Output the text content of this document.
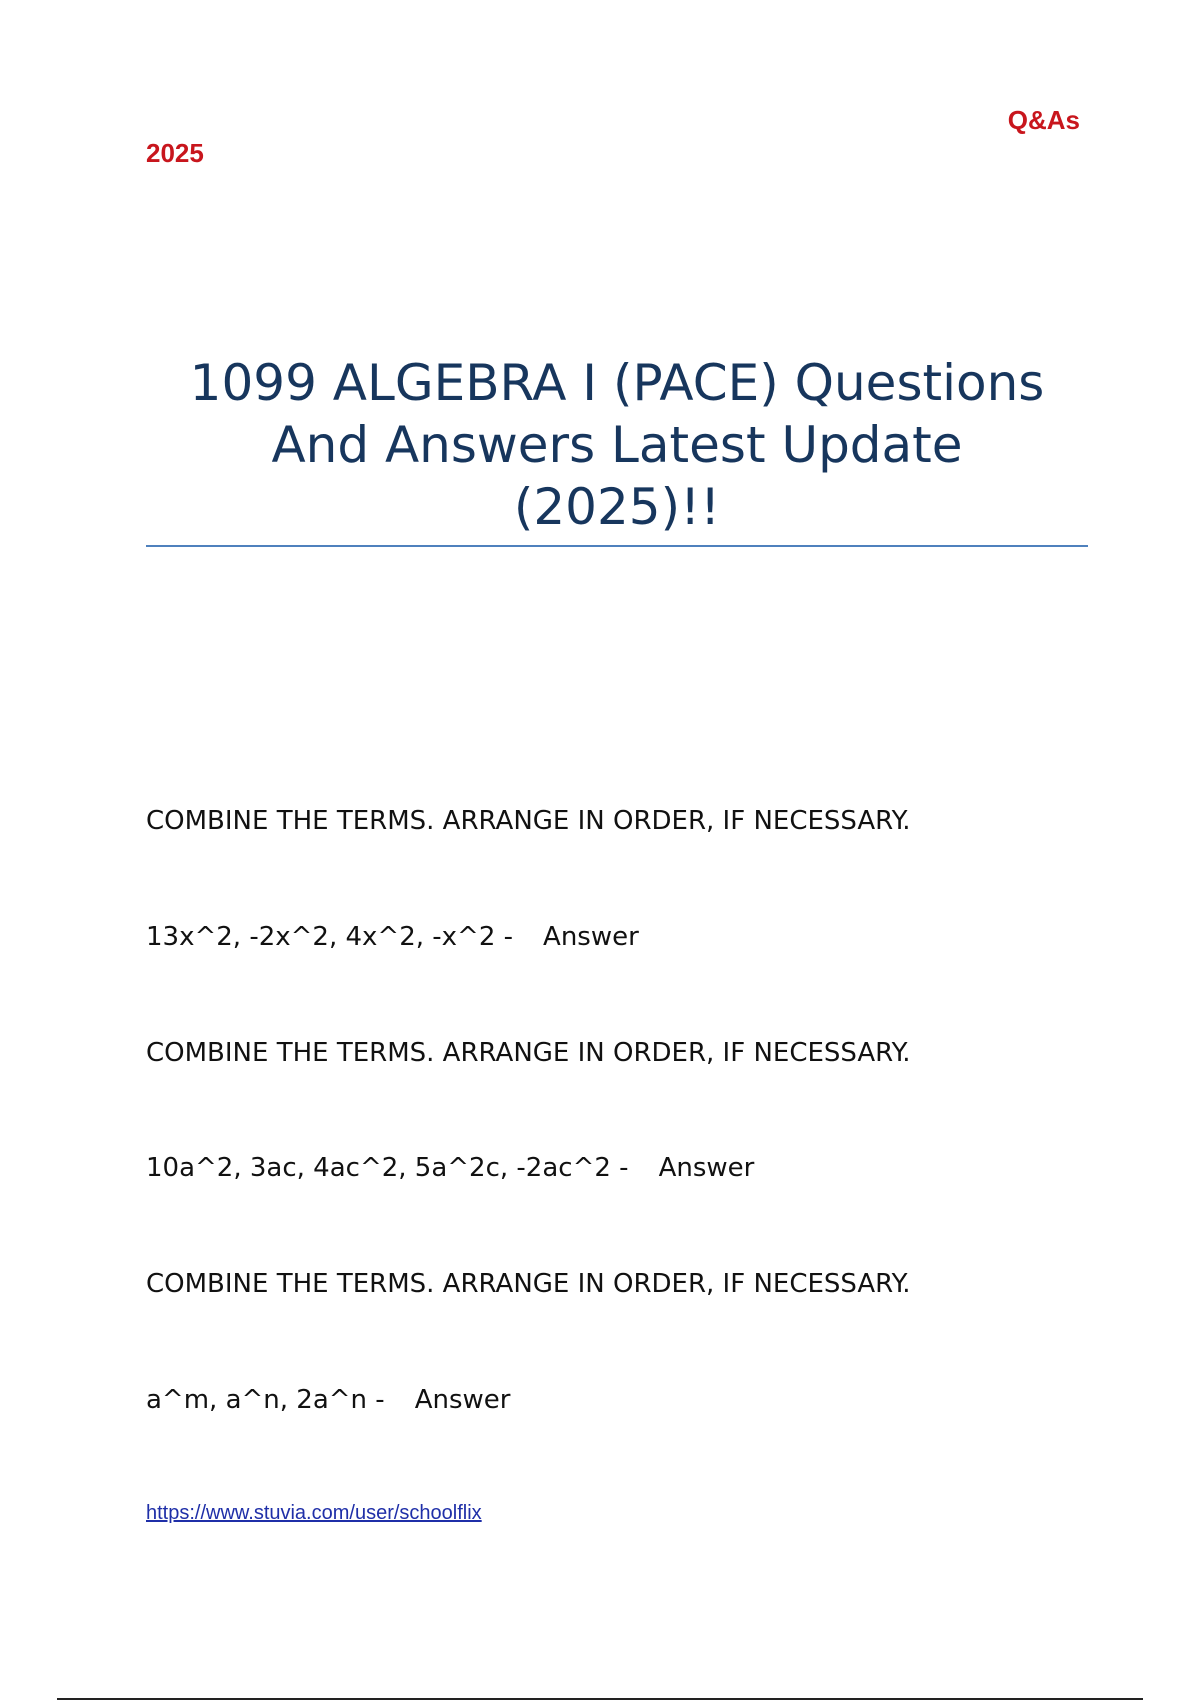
Q&As
2025
1099 ALGEBRA I (PACE) Questions
And Answers Latest Update
(2025)!!
COMBINE THE TERMS. ARRANGE IN ORDER, IF NECESSARY.
13x^2, -2x^2, 4x^2, -x^2 - Answer
COMBINE THE TERMS. ARRANGE IN ORDER, IF NECESSARY.
10a^2, 3ac, 4ac^2, 5a^2c, -2ac^2 - Answer
COMBINE THE TERMS. ARRANGE IN ORDER, IF NECESSARY.
a^m, a^n, 2a^n - Answer
https://www.stuvia.com/user/schoolflix
